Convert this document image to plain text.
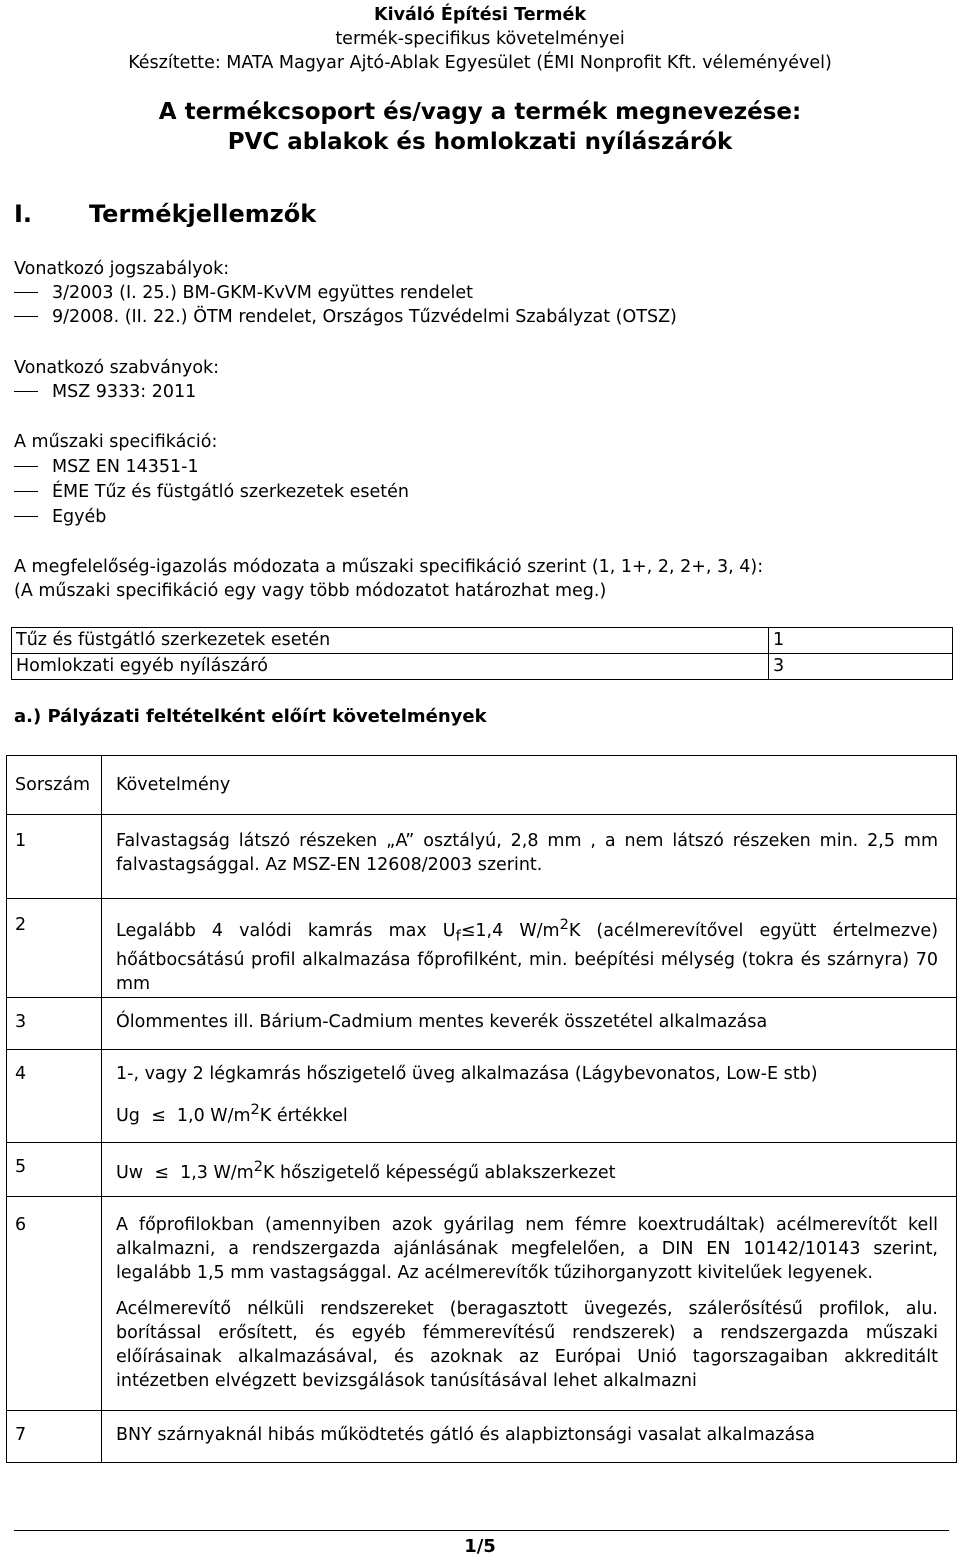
Kiváló Építési Termék
termék-specifikus követelményei
Készítette: MATA Magyar Ajtó-Ablak Egyesület (ÉMI Nonprofit Kft. véleményével)
A termékcsoport és/vagy a termék megnevezése:
PVC ablakok és homlokzati nyílászárók
I. Termékjellemzők
Vonatkozó jogszabályok:
3/2003 (I. 25.) BM-GKM-KvVM együttes rendelet
9/2008. (II. 22.) ÖTM rendelet, Országos Tűzvédelmi Szabályzat (OTSZ)
Vonatkozó szabványok:
MSZ 9333: 2011
A műszaki specifikáció:
MSZ EN 14351-1
ÉME Tűz és füstgátló szerkezetek esetén
Egyéb
A megfelelőség-igazolás módozata a műszaki specifikáció szerint (1, 1+, 2, 2+, 3, 4):
(A műszaki specifikáció egy vagy több módozatot határozhat meg.)
Tűz és füstgátló szerkezetek esetén	1
Homlokzati egyéb nyílászáró	3
a.) Pályázati feltételként előírt követelmények
Sorszám	Követelmény
1	Falvastagság látszó részeken „A” osztályú, 2,8 mm , a nem látszó részeken min. 2,5 mm falvastagsággal. Az MSZ-EN 12608/2003 szerint.
2	Legalább 4 valódi kamrás $\max U_f\le 1,4$ $W/m^2K$ (acélmerevítővel együtt értelmezve) hőátbocsátású profil alkalmazása főprofilként, min. beépítési mélység (tokra és szárnyra) 70 mm
3	Ólommentes ill. Bárium-Cadmium mentes keverék összetétel alkalmazása
4	1-, vagy 2 légkamrás hőszigetelő üveg alkalmazása (Lágybevonatos, Low-E stb)

Ug ≤ 1,0 $W/m^2K$ értékkel

5	Uw ≤ 1,3 $W/m^2K$ hőszigetelő képességű ablakszerkezet
6	A főprofilokban (amennyiben azok gyárilag nem fémre koextrudáltak) acélmerevítőt kell alkalmazni, a rendszergazda ajánlásának megfelelően, a DIN EN 10142/10143 szerint, legalább 1,5 mm vastagsággal. Az acélmerevítők tűzihorganyzott kivitelűek legyenek.

Acélmerevítő nélküli rendszereket (beragasztott üvegezés, szálerősítésű profilok, alu. borítással erősített, és egyéb fémmerevítésű rendszerek) a rendszergazda műszaki előírásainak alkalmazásával, és azoknak az Európai Unió tagorszagaiban akkreditált intézetben elvégzett bevizsgálások tanúsításával lehet alkalmazni

7	BNY szárnyaknál hibás működtetés gátló és alapbiztonsági vasalat alkalmazása
1/5
